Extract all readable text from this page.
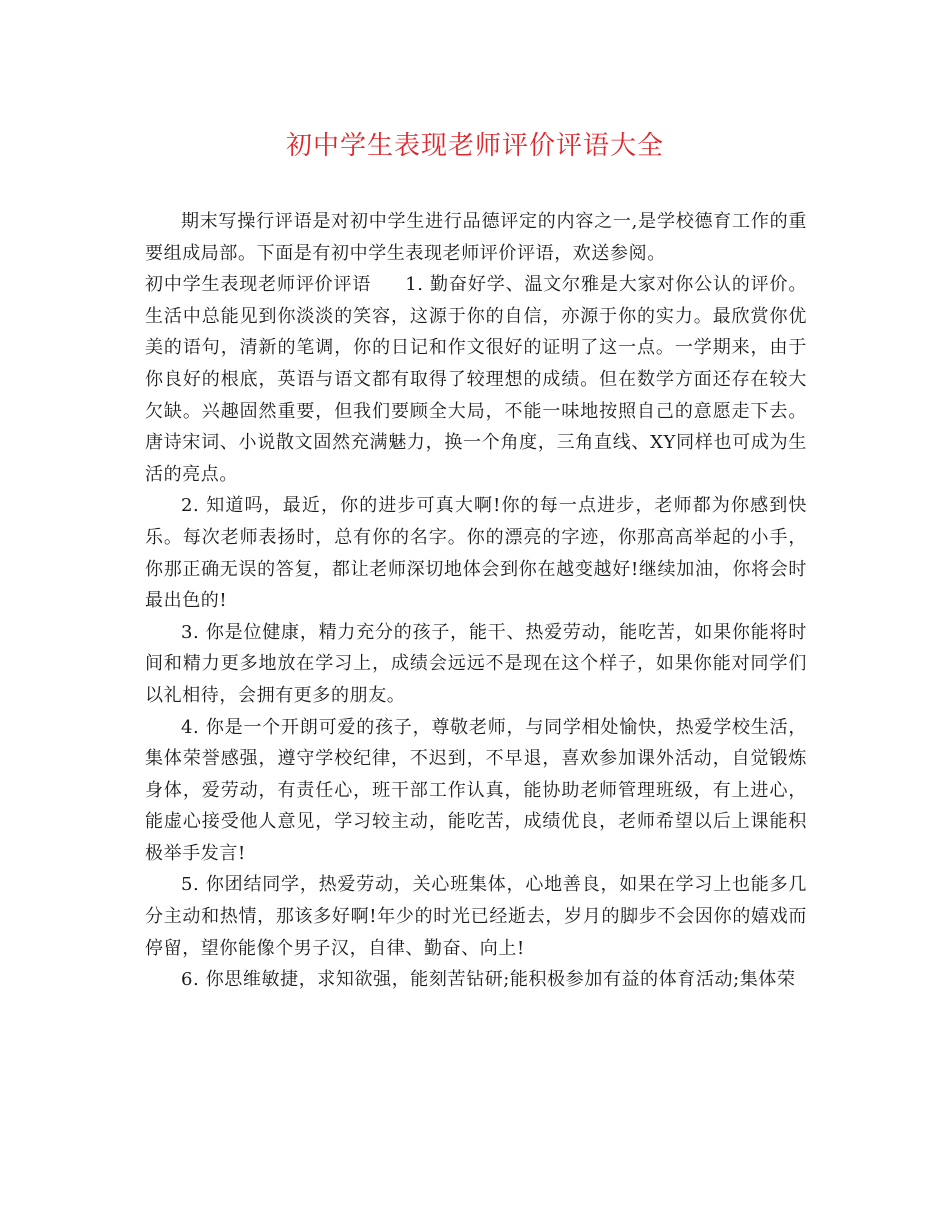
初中学生表现老师评价评语大全

期末写操行评语是对初中学生进行品德评定的内容之一,是学校德育工作的重要组成局部。下面是有初中学生表现老师评价评语，欢送参阅。

初中学生表现老师评价评语 1. 勤奋好学、温文尔雅是大家对你公认的评价。生活中总能见到你淡淡的笑容，这源于你的自信，亦源于你的实力。最欣赏你优美的语句，清新的笔调，你的日记和作文很好的证明了这一点。一学期来，由于你良好的根底，英语与语文都有取得了较理想的成绩。但在数学方面还存在较大欠缺。兴趣固然重要，但我们要顾全大局，不能一味地按照自己的意愿走下去。唐诗宋词、小说散文固然充满魅力，换一个角度，三角直线、XY同样也可成为生活的亮点。

2. 知道吗，最近，你的进步可真大啊!你的每一点进步，老师都为你感到快乐。每次老师表扬时，总有你的名字。你的漂亮的字迹，你那高高举起的小手，你那正确无误的答复，都让老师深切地体会到你在越变越好!继续加油，你将会时最出色的!

3. 你是位健康，精力充分的孩子，能干、热爱劳动，能吃苦，如果你能将时间和精力更多地放在学习上，成绩会远远不是现在这个样子，如果你能对同学们以礼相待，会拥有更多的朋友。

4. 你是一个开朗可爱的孩子，尊敬老师，与同学相处愉快，热爱学校生活，集体荣誉感强，遵守学校纪律，不迟到，不早退，喜欢参加课外活动，自觉锻炼身体，爱劳动，有责任心，班干部工作认真，能协助老师管理班级，有上进心，能虚心接受他人意见，学习较主动，能吃苦，成绩优良，老师希望以后上课能积极举手发言!

5. 你团结同学，热爱劳动，关心班集体，心地善良，如果在学习上也能多几分主动和热情，那该多好啊!年少的时光已经逝去，岁月的脚步不会因你的嬉戏而停留，望你能像个男子汉，自律、勤奋、向上!

6. 你思维敏捷，求知欲强，能刻苦钻研;能积极参加有益的体育活动;集体荣
